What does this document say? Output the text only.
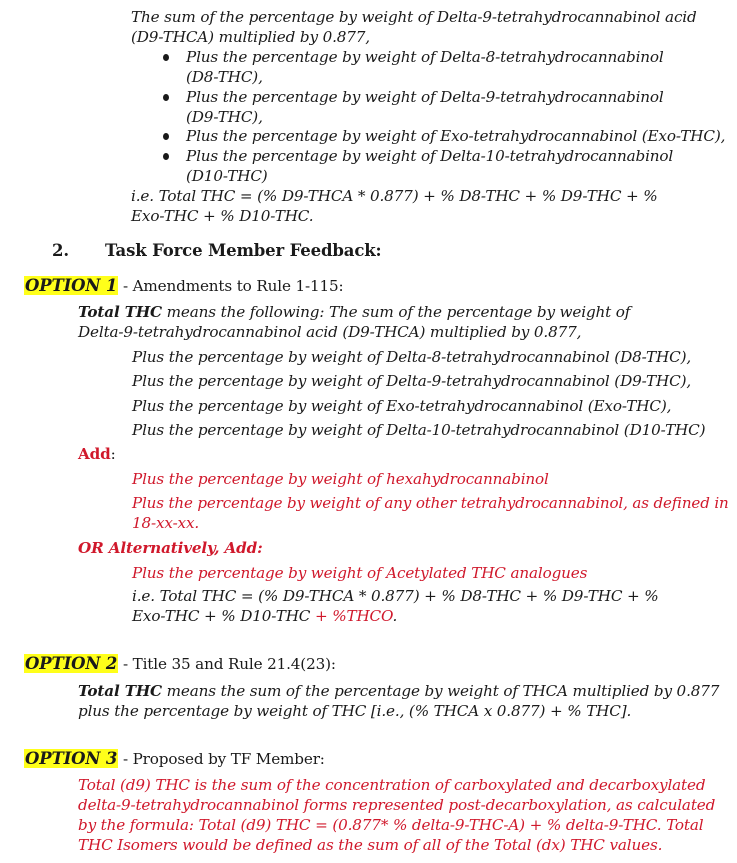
The sum of the percentage by weight of Delta-9-tetrahydrocannabinol acid
(D9-THCA) multiplied by 0.877,
Plus the percentage by weight of Delta-8-tetrahydrocannabinol
(D8-THC),
Plus the percentage by weight of Delta-9-tetrahydrocannabinol
(D9-THC),
Plus the percentage by weight of Exo-tetrahydrocannabinol (Exo-THC),
Plus the percentage by weight of Delta-10-tetrahydrocannabinol
(D10-THC)
i.e. Total THC = (% D9-THCA * 0.877) + % D8-THC + % D9-THC + %
Exo-THC + % D10-THC.
2. Task Force Member Feedback:
OPTION 1 - Amendments to Rule 1-115:
Total THC means the following: The sum of the percentage by weight of
Delta-9-tetrahydrocannabinol acid (D9-THCA) multiplied by 0.877,
Plus the percentage by weight of Delta-8-tetrahydrocannabinol (D8-THC),
Plus the percentage by weight of Delta-9-tetrahydrocannabinol (D9-THC),
Plus the percentage by weight of Exo-tetrahydrocannabinol (Exo-THC),
Plus the percentage by weight of Delta-10-tetrahydrocannabinol (D10-THC)
Add:
Plus the percentage by weight of hexahydrocannabinol
Plus the percentage by weight of any other tetrahydrocannabinol, as defined in
18-xx-xx.
OR Alternatively, Add:
Plus the percentage by weight of Acetylated THC analogues
i.e. Total THC = (% D9-THCA * 0.877) + % D8-THC + % D9-THC + %
Exo-THC + % D10-THC + %THCO.
OPTION 2 - Title 35 and Rule 21.4(23):
Total THC means the sum of the percentage by weight of THCA multiplied by 0.877
plus the percentage by weight of THC [i.e., (% THCA x 0.877) + % THC].
OPTION 3 - Proposed by TF Member:
Total (d9) THC is the sum of the concentration of carboxylated and decarboxylated
delta-9-tetrahydrocannabinol forms represented post-decarboxylation, as calculated
by the formula: Total (d9) THC = (0.877* % delta-9-THC-A) + % delta-9-THC. Total
THC Isomers would be defined as the sum of all of the Total (dx) THC values.
